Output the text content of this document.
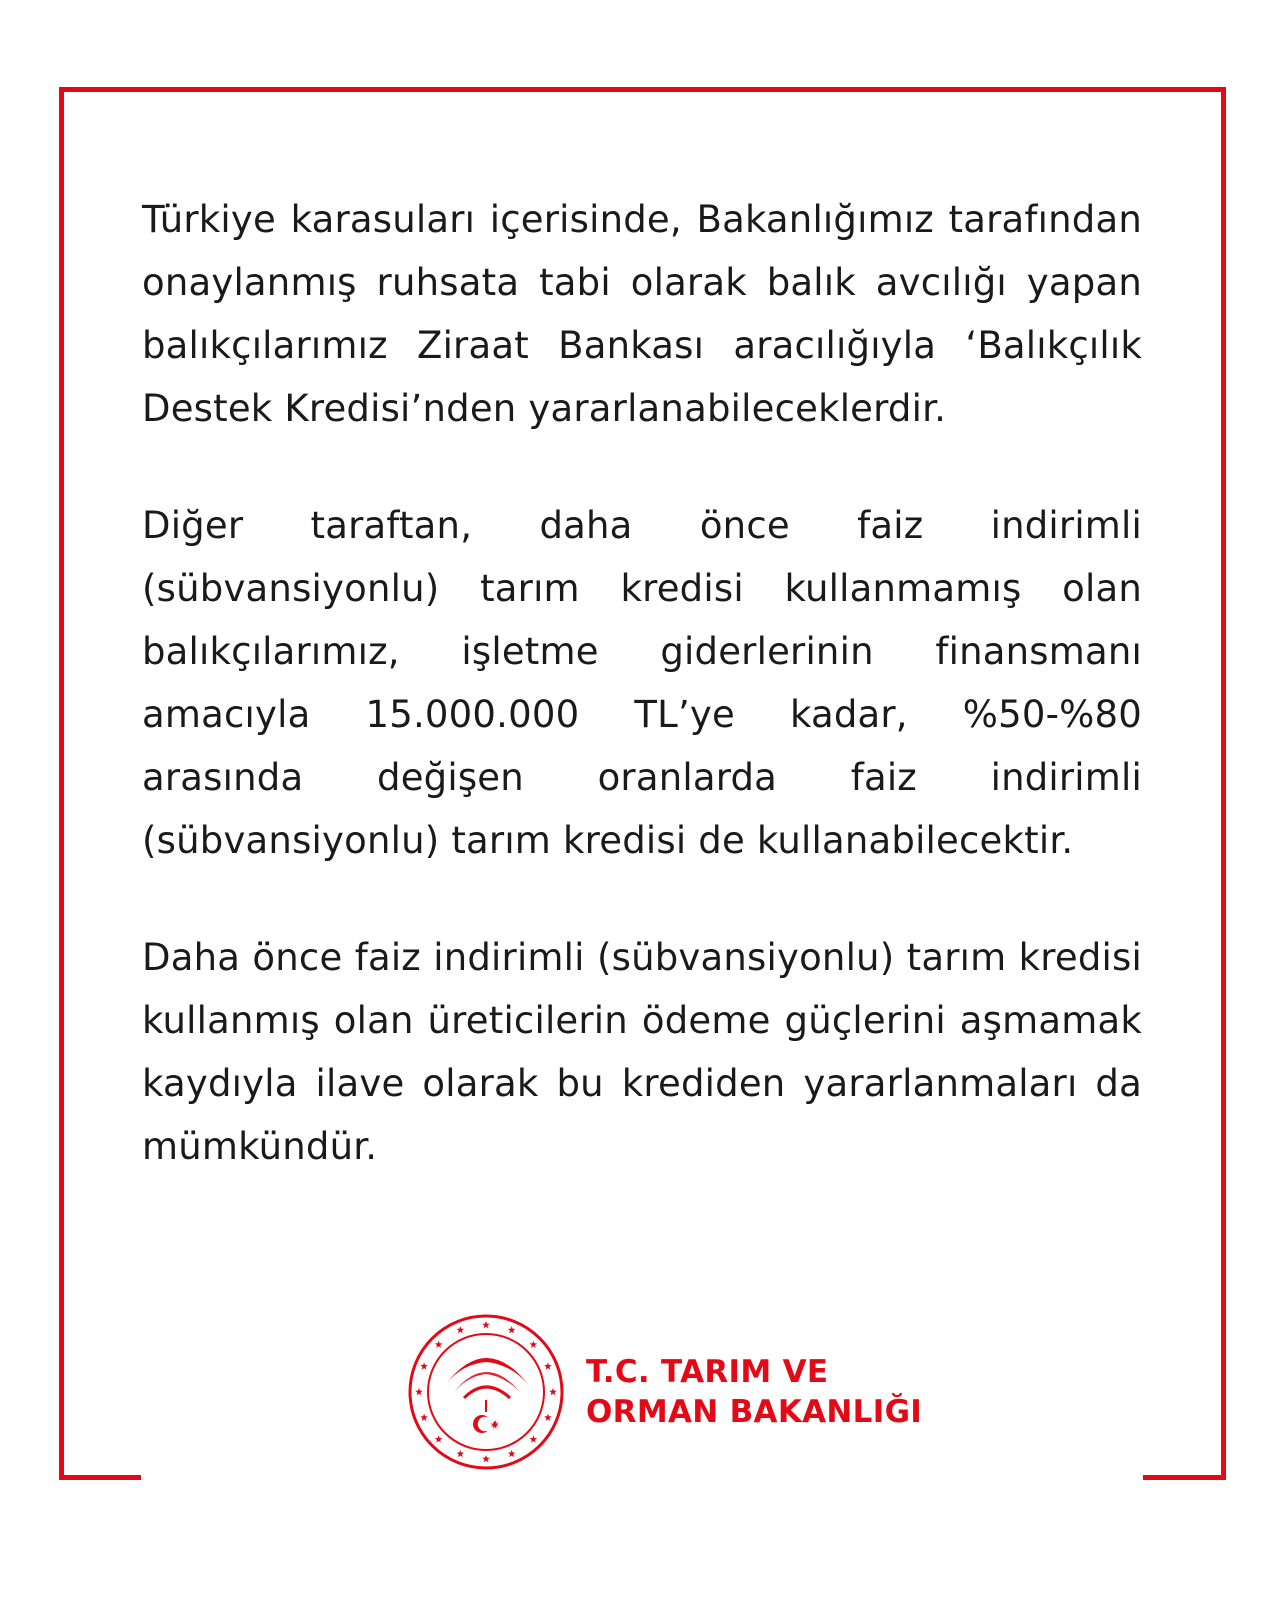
Türkiye karasuları içerisinde, Bakanlığımız tarafından onaylanmış ruhsata tabi olarak balık avcılığı yapan balıkçılarımız Ziraat Bankası aracılığıyla ‘Balıkçılık Destek Kredisi’nden yararlanabileceklerdir.

Diğer taraftan, daha önce faiz indirimli (sübvansiyonlu) tarım kredisi kullanmamış olan balıkçılarımız, işletme giderlerinin finansmanı amacıyla 15.000.000 TL’ye kadar, %50-%80 arasında değişen oranlarda faiz indirimli (sübvansiyonlu) tarım kredisi de kullanabilecektir.

Daha önce faiz indirimli (sübvansiyonlu) tarım kredisi kullanmış olan üreticilerin ödeme güçlerini aşmamak kaydıyla ilave olarak bu krediden yararlanmaları da mümkündür.

T.C. TARIM VE
ORMAN BAKANLIĞI
